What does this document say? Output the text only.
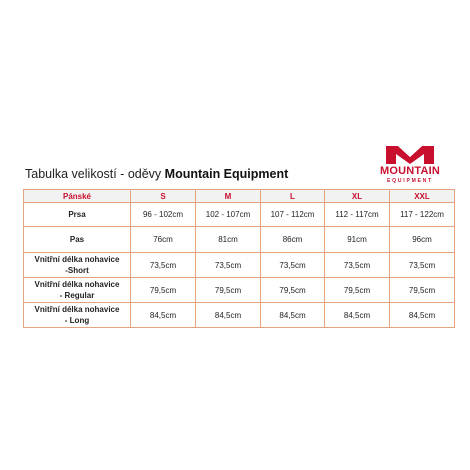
Tabulka velikostí - oděvy Mountain Equipment	MOUNTAIN
EQUIPMENT
Pánské	S	M	L	XL	XXL
Prsa	96 - 102cm	102 - 107cm	107 - 112cm	112 - 117cm	117 - 122cm
Pas	76cm	81cm	86cm	91cm	96cm
Vnitřní délka nohavice
-Short	73,5cm	73,5cm	73,5cm	73,5cm	73,5cm
Vnitřní délka nohavice
- Regular	79,5cm	79,5cm	79,5cm	79,5cm	79,5cm
Vnitřní délka nohavice
- Long	84,5cm	84,5cm	84,5cm	84,5cm	84,5cm
